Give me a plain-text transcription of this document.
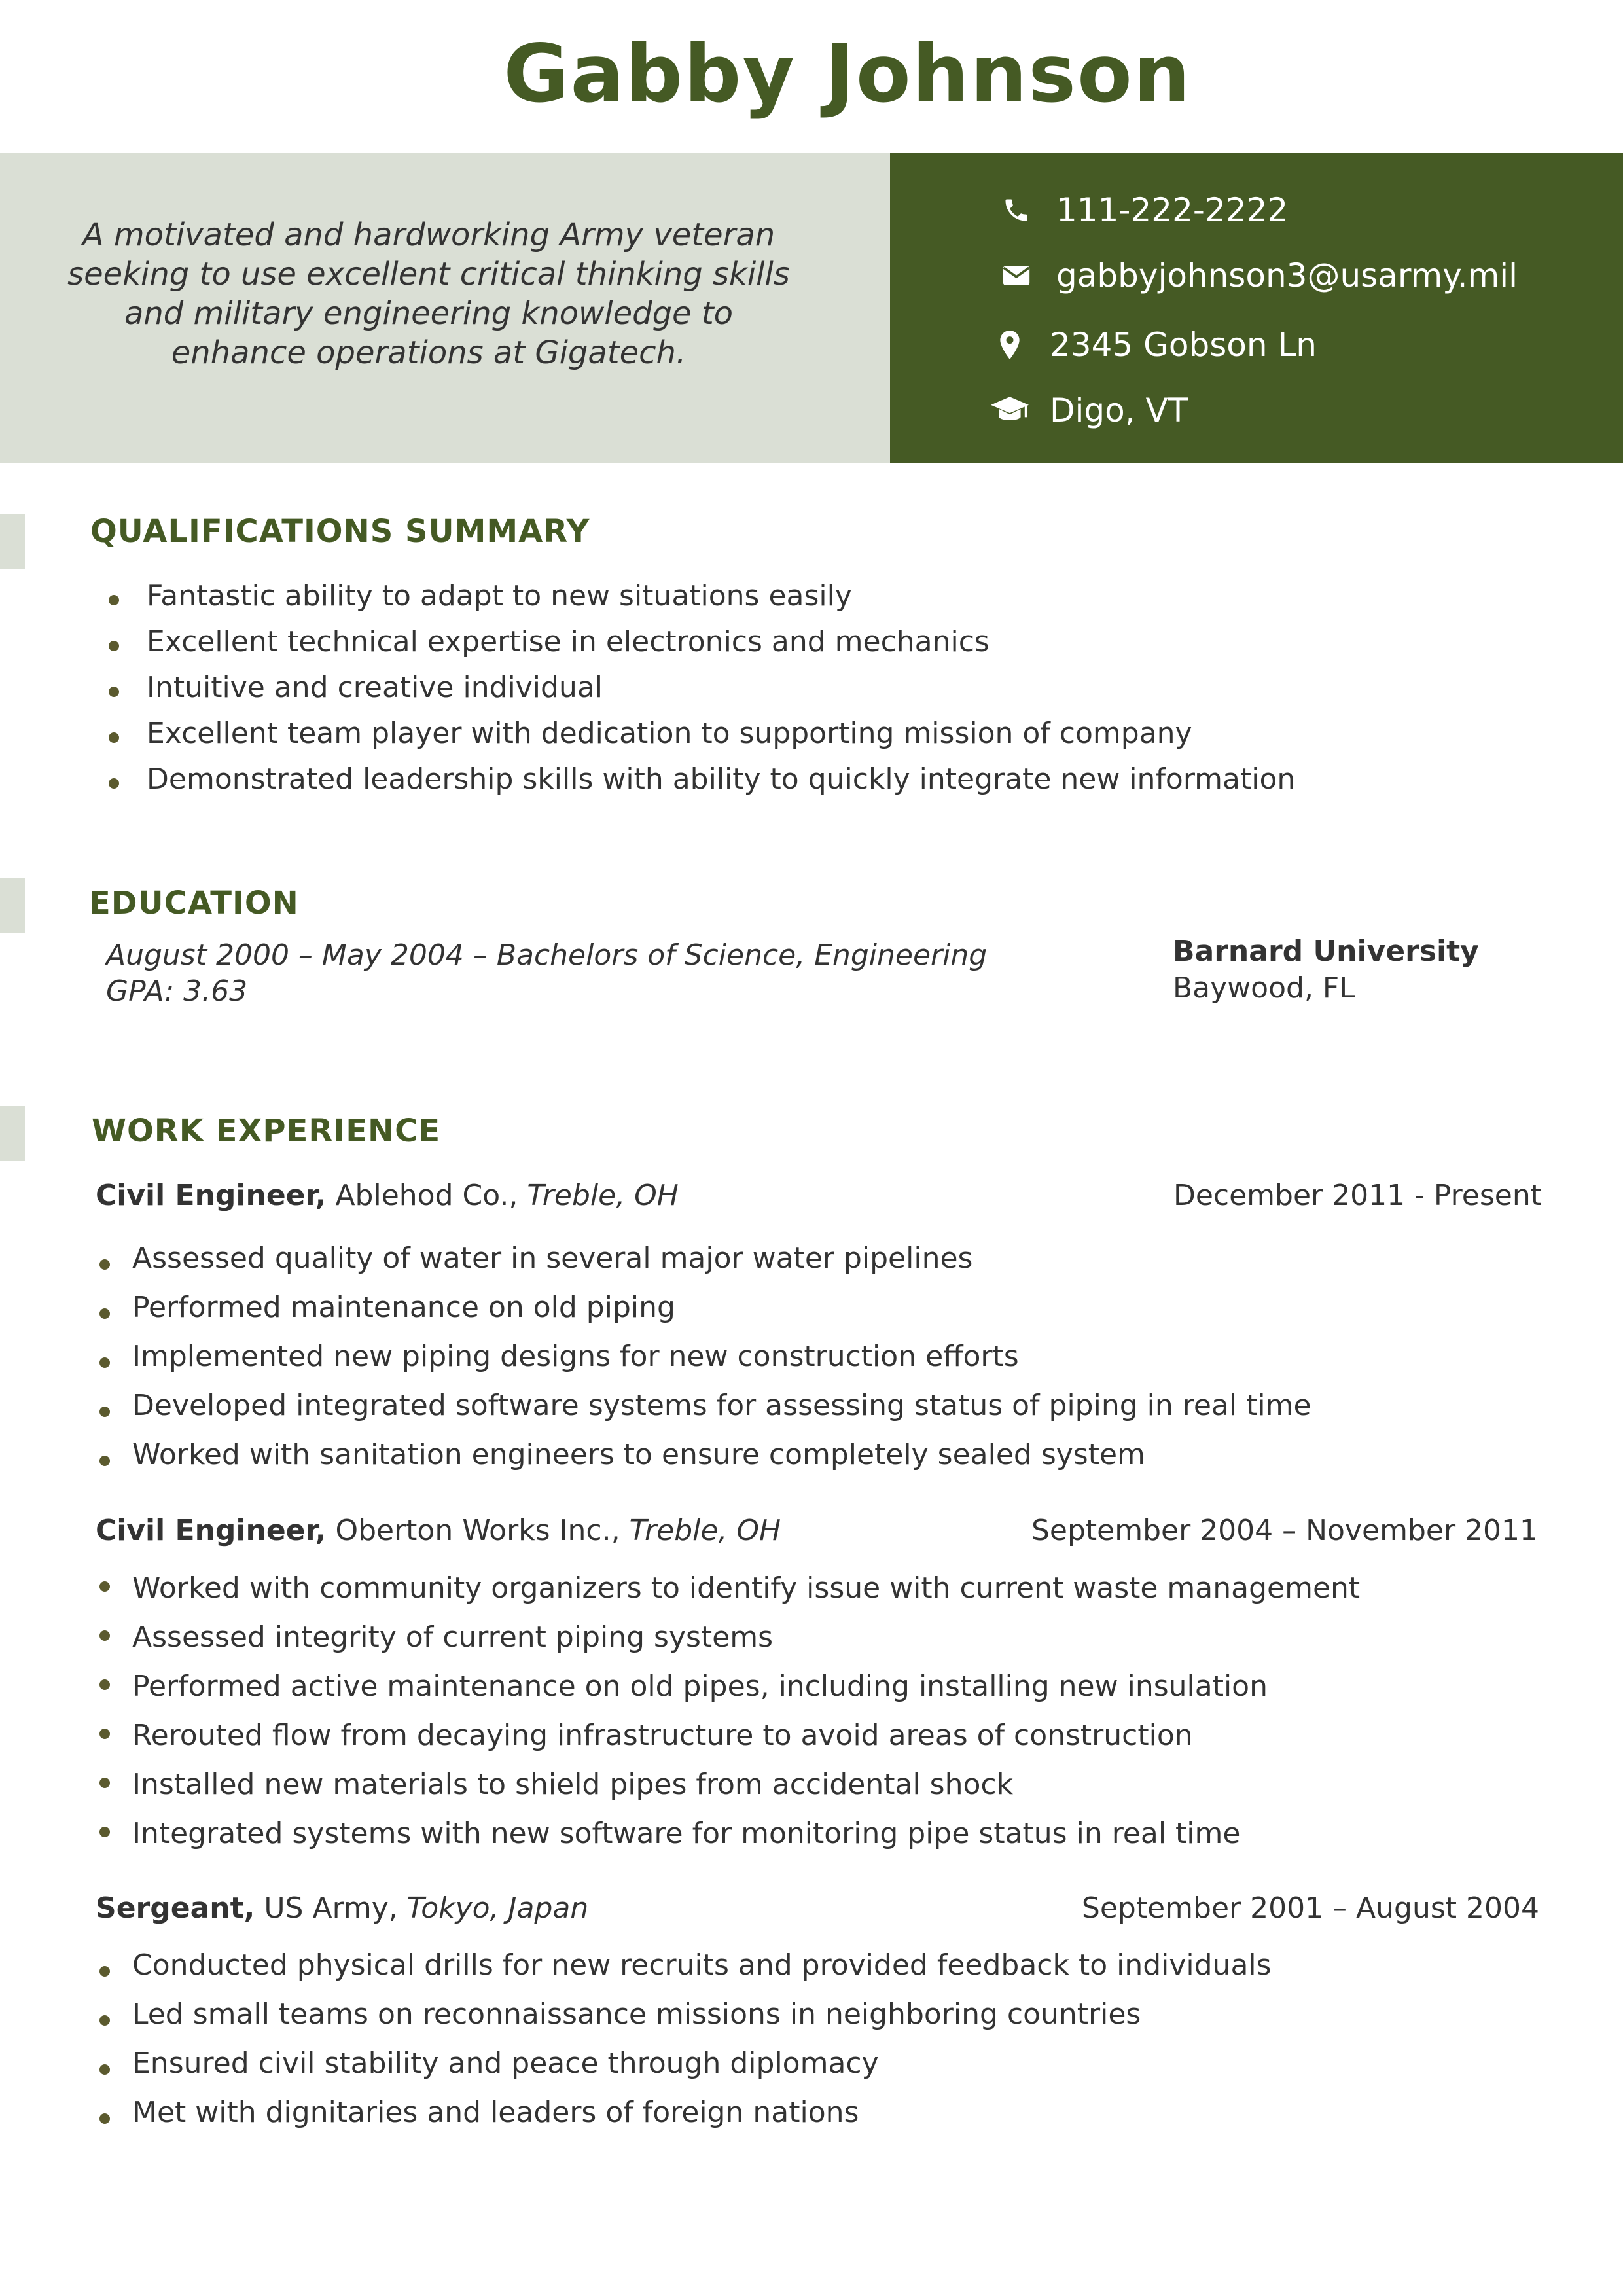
Gabby Johnson

A motivated and hardworking Army veteran seeking to use excellent critical thinking skills and military engineering knowledge to enhance operations at Gigatech.

111-222-2222
gabbyjohnson3@usarmy.mil
2345 Gobson Ln
Digo, VT
QUALIFICATIONS SUMMARY
Fantastic ability to adapt to new situations easily
Excellent technical expertise in electronics and mechanics
Intuitive and creative individual
Excellent team player with dedication to supporting mission of company
Demonstrated leadership skills with ability to quickly integrate new information
EDUCATION
August 2000 – May 2004 – Bachelors of Science, Engineering
GPA: 3.63
Barnard University
Baywood, FL
WORK EXPERIENCE
Civil Engineer, Ablehod Co., Treble, OH	December 2011 - Present
Assessed quality of water in several major water pipelines
Performed maintenance on old piping
Implemented new piping designs for new construction efforts
Developed integrated software systems for assessing status of piping in real time
Worked with sanitation engineers to ensure completely sealed system
Civil Engineer, Oberton Works Inc., Treble, OH	September 2004 – November 2011
Worked with community organizers to identify issue with current waste management
Assessed integrity of current piping systems
Performed active maintenance on old pipes, including installing new insulation
Rerouted flow from decaying infrastructure to avoid areas of construction
Installed new materials to shield pipes from accidental shock
Integrated systems with new software for monitoring pipe status in real time
Sergeant, US Army, Tokyo, Japan	September 2001 – August 2004
Conducted physical drills for new recruits and provided feedback to individuals
Led small teams on reconnaissance missions in neighboring countries
Ensured civil stability and peace through diplomacy
Met with dignitaries and leaders of foreign nations
